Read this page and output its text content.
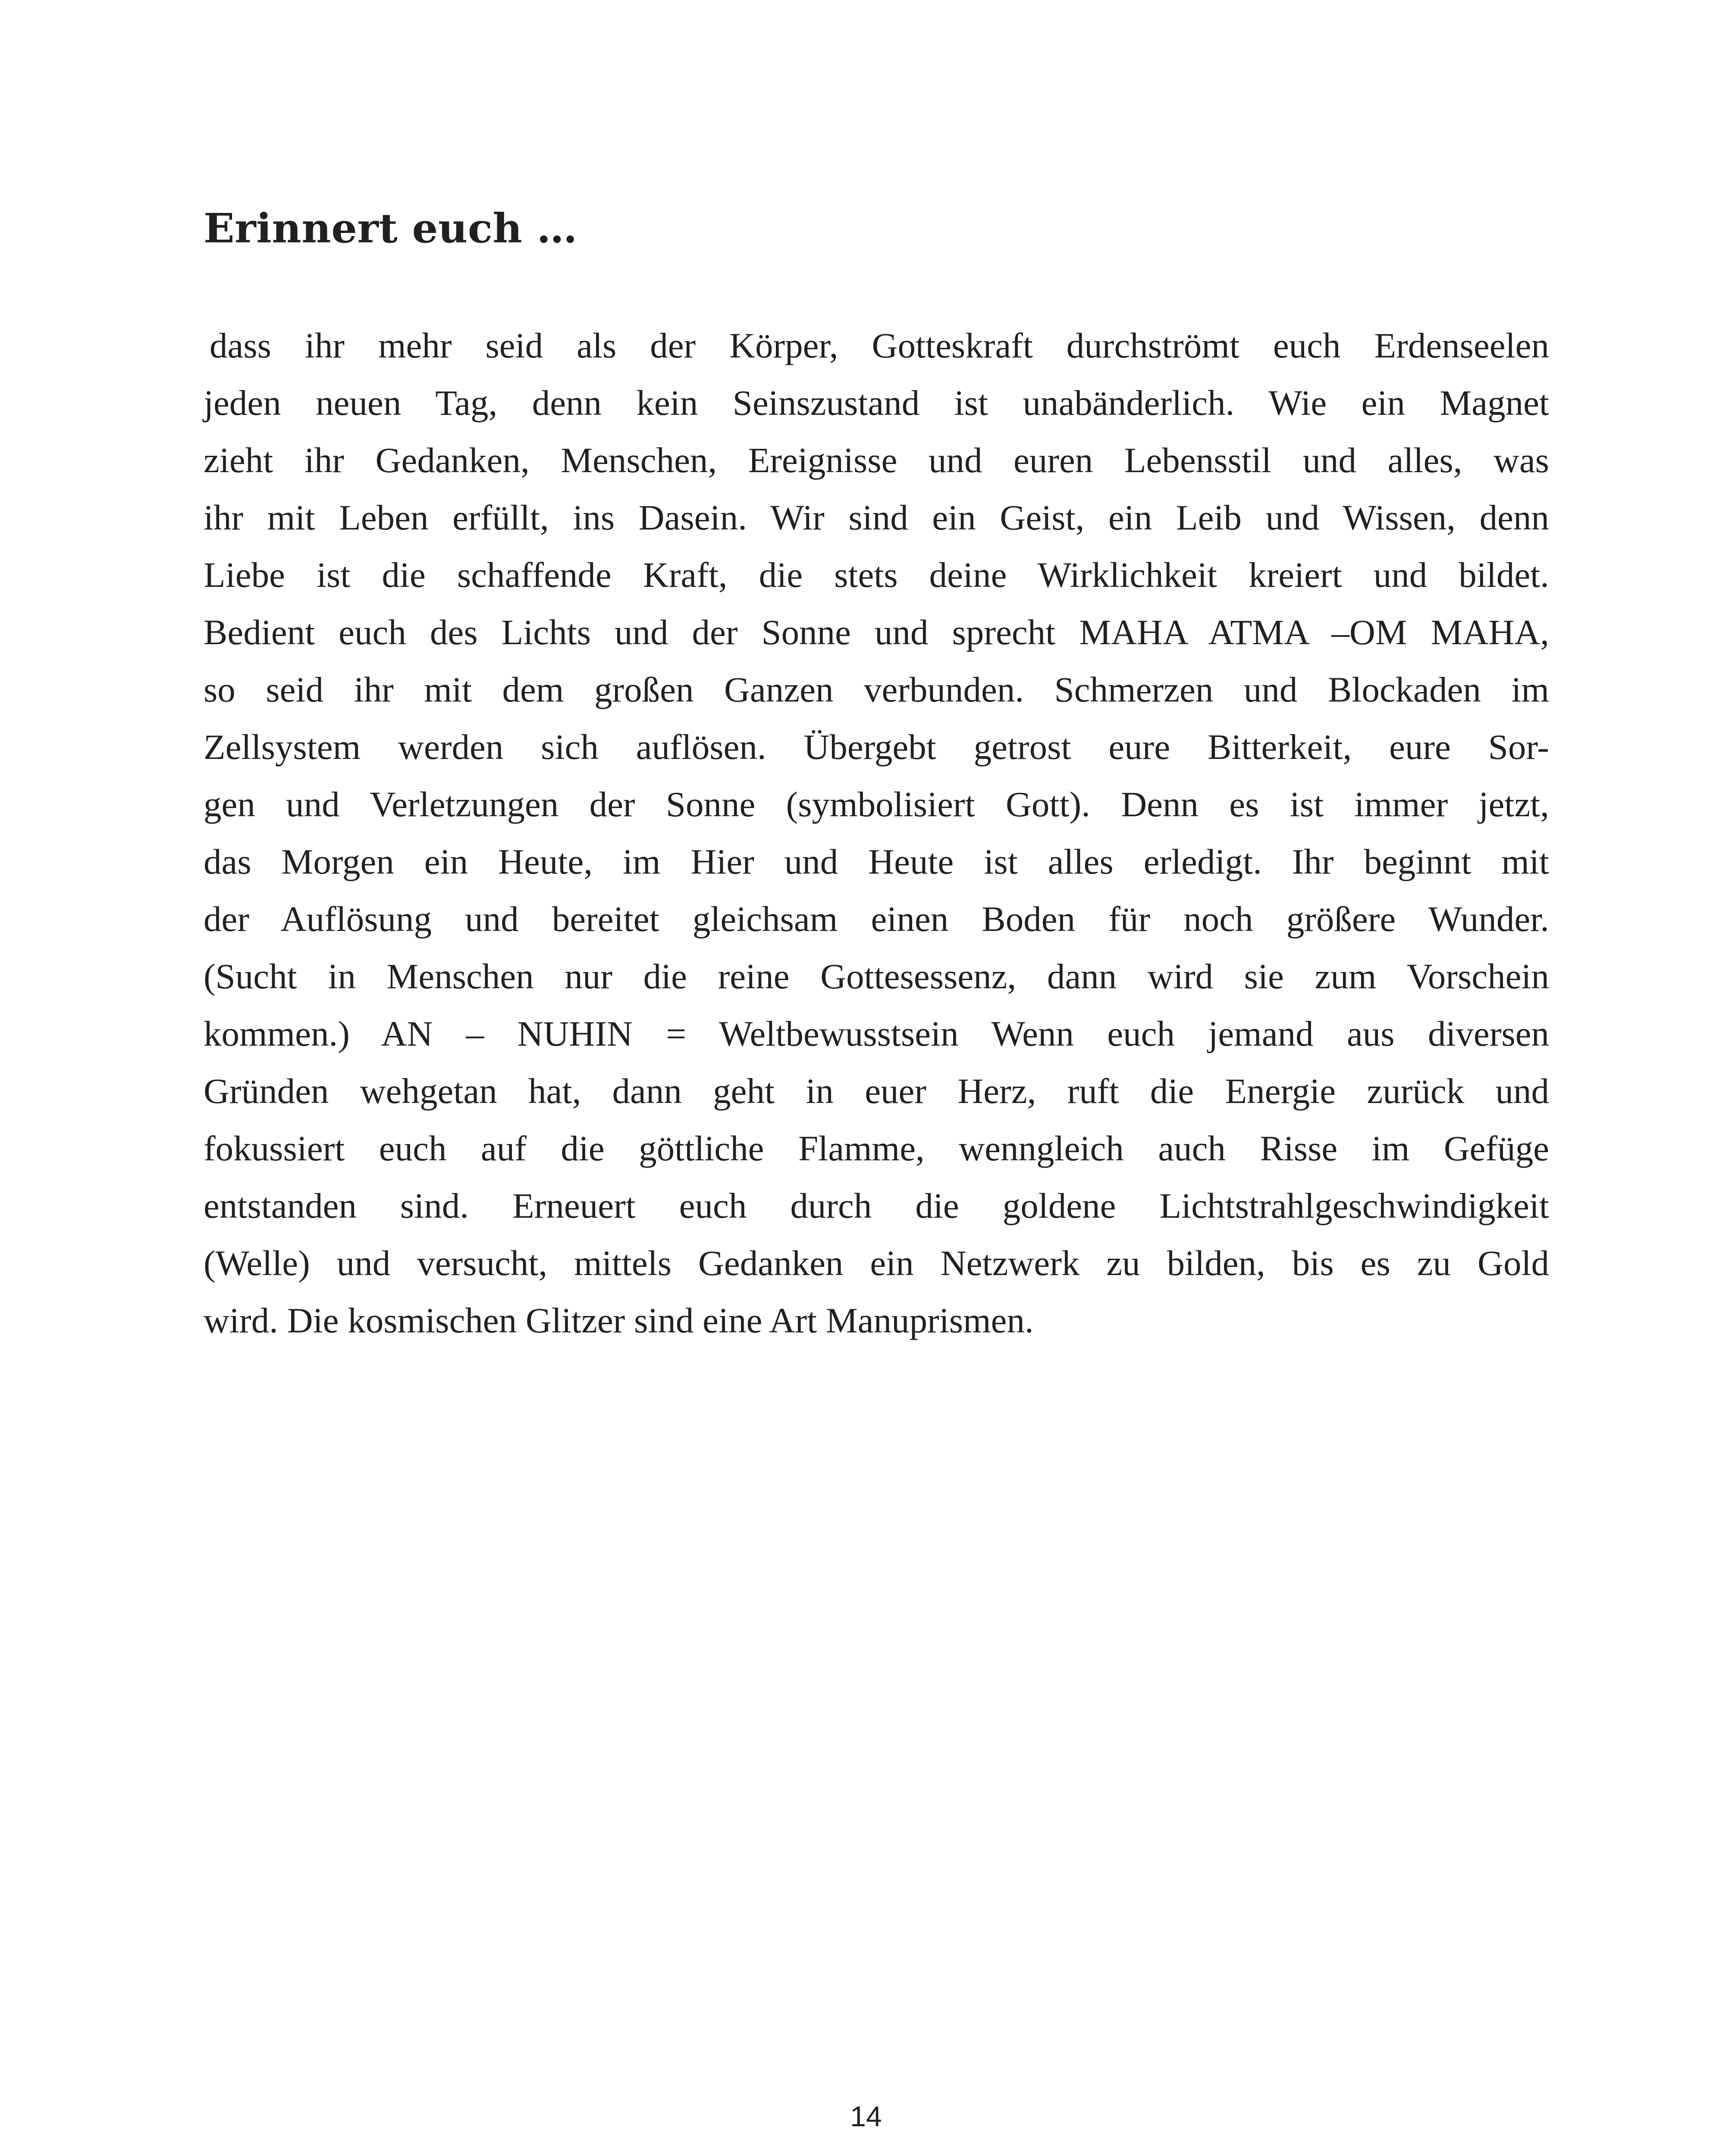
Erinnert euch …
dass ihr mehr seid als der Körper, Gotteskraft durchströmt euch Erdenseelen
jeden neuen Tag, denn kein Seinszustand ist unabänderlich. Wie ein Magnet
zieht ihr Gedanken, Menschen, Ereignisse und euren Lebensstil und alles, was
ihr mit Leben erfüllt, ins Dasein. Wir sind ein Geist, ein Leib und Wissen, denn
Liebe ist die schaffende Kraft, die stets deine Wirklichkeit kreiert und bildet.
Bedient euch des Lichts und der Sonne und sprecht MAHA ATMA –OM MAHA,
so seid ihr mit dem großen Ganzen verbunden. Schmerzen und Blockaden im
Zellsystem werden sich auflösen. Übergebt getrost eure Bitterkeit, eure Sor-
gen und Verletzungen der Sonne (symbolisiert Gott). Denn es ist immer jetzt,
das Morgen ein Heute, im Hier und Heute ist alles erledigt. Ihr beginnt mit
der Auflösung und bereitet gleichsam einen Boden für noch größere Wunder.
(Sucht in Menschen nur die reine Gottesessenz, dann wird sie zum Vorschein
kommen.) AN – NUHIN = Weltbewusstsein Wenn euch jemand aus diversen
Gründen wehgetan hat, dann geht in euer Herz, ruft die Energie zurück und
fokussiert euch auf die göttliche Flamme, wenngleich auch Risse im Gefüge
entstanden sind. Erneuert euch durch die goldene Lichtstrahlgeschwindigkeit
(Welle) und versucht, mittels Gedanken ein Netzwerk zu bilden, bis es zu Gold
wird. Die kosmischen Glitzer sind eine Art Manuprismen.
14
